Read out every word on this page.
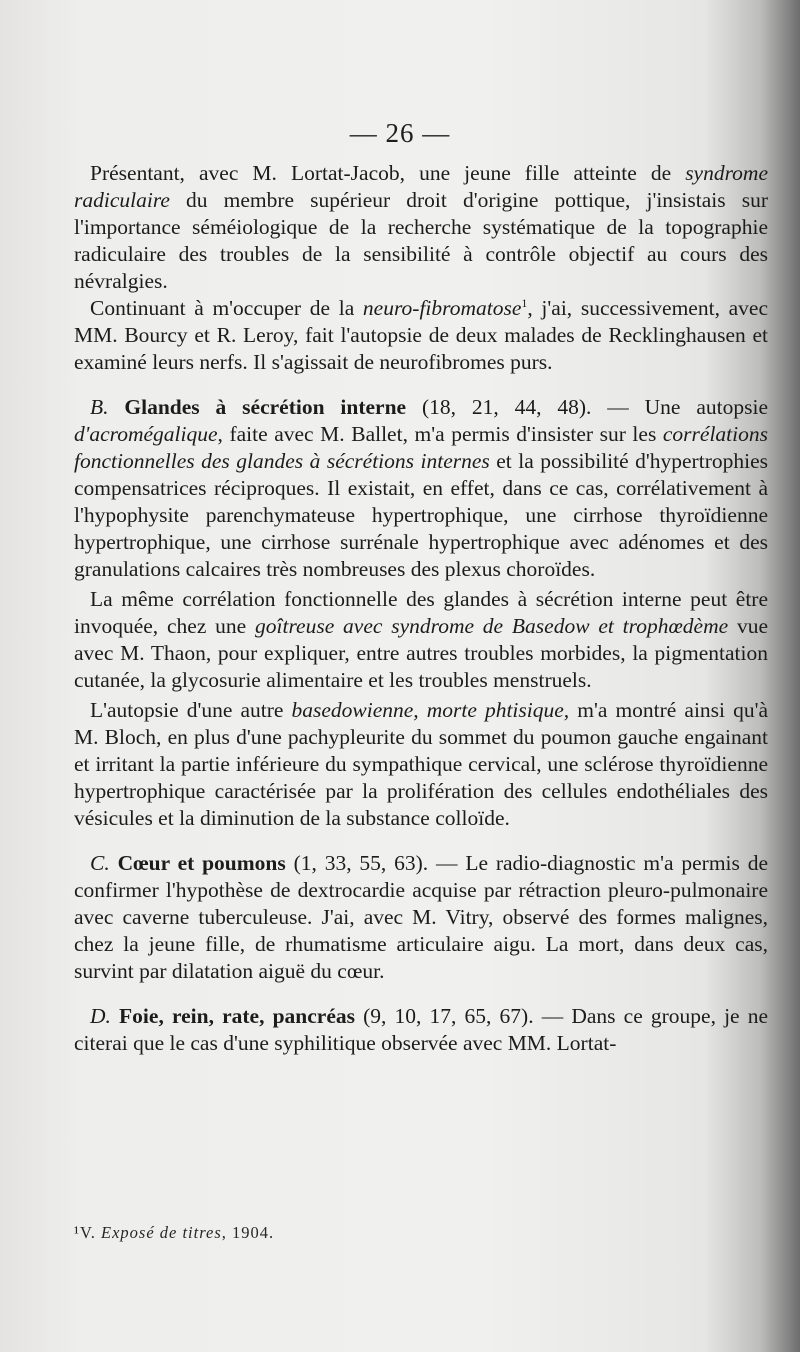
— 26 —

Présentant, avec M. Lortat-Jacob, une jeune fille atteinte de syndrome radiculaire du membre supérieur droit d'origine pottique, j'insistais sur l'importance séméiologique de la recherche systématique de la topographie radiculaire des troubles de la sensibilité à contrôle objectif au cours des névralgies.

Continuant à m'occuper de la neuro-fibromatose$^1$, j'ai, successivement, avec MM. Bourcy et R. Leroy, fait l'autopsie de deux malades de Recklinghausen et examiné leurs nerfs. Il s'agissait de neurofibromes purs.

B. Glandes à sécrétion interne (18, 21, 44, 48). — Une autopsie d'acromégalique, faite avec M. Ballet, m'a permis d'insister sur les corrélations fonctionnelles des glandes à sécrétions internes et la possibilité d'hypertrophies compensatrices réciproques. Il existait, en effet, dans ce cas, corrélativement à l'hypophysite parenchymateuse hypertrophique, une cirrhose thyroïdienne hypertrophique, une cirrhose surrénale hypertrophique avec adénomes et des granulations calcaires très nombreuses des plexus choroïdes.

La même corrélation fonctionnelle des glandes à sécrétion interne peut être invoquée, chez une goîtreuse avec syndrome de Basedow et trophœdème vue avec M. Thaon, pour expliquer, entre autres troubles morbides, la pigmentation cutanée, la glycosurie alimentaire et les troubles menstruels.

L'autopsie d'une autre basedowienne, morte phtisique, m'a montré ainsi qu'à M. Bloch, en plus d'une pachypleurite du sommet du poumon gauche engainant et irritant la partie inférieure du sympathique cervical, une sclérose thyroïdienne hypertrophique caractérisée par la prolifération des cellules endothéliales des vésicules et la diminution de la substance colloïde.

C. Cœur et poumons (1, 33, 55, 63). — Le radio-diagnostic m'a permis de confirmer l'hypothèse de dextrocardie acquise par rétraction pleuro-pulmonaire avec caverne tuberculeuse. J'ai, avec M. Vitry, observé des formes malignes, chez la jeune fille, de rhumatisme articulaire aigu. La mort, dans deux cas, survint par dilatation aiguë du cœur.

D. Foie, rein, rate, pancréas (9, 10, 17, 65, 67). — Dans ce groupe, je ne citerai que le cas d'une syphilitique observée avec MM. Lortat-

¹V. Exposé de titres, 1904.
